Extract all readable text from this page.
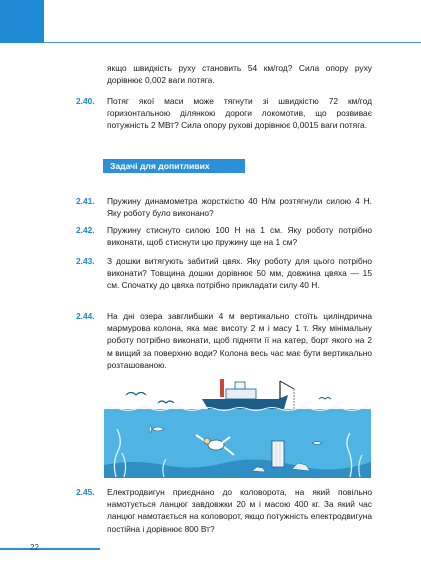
якщо швидкість руху становить 54 км/год? Сила опору руху дорівнює 0,002 ваги потяга.

2.40. Потяг якої маси може тягнути зі швидкістю 72 км/год горизонтальною ділянкою дороги локомотив, що розвиває потужність 2 МВт? Сила опору руховi дорівнює 0,0015 ваги потяга.

Задачі для допитливих
2.41. Пружину динамометра жорсткістю 40 Н/м розтягнули силою 4 Н. Яку роботу було виконано?

2.42. Пружину стиснуто силою 100 Н на 1 см. Яку роботу потрібно виконати, щоб стиснути цю пружину ще на 1 см?

2.43. З дошки витягують забитий цвях. Яку роботу для цього потрібно виконати? Товщина дошки дорівнює 50 мм, довжина цвяха — 15 см. Спочатку до цвяха потрібно прикладати силу 40 Н.

2.44. На дні озера завглибшки 4 м вертикально стоїть циліндрична мармурова колона, яка має висоту 2 м і масу 1 т. Яку мінімальну роботу потрібно виконати, щоб підняти її на катер, борт якого на 2 м вищий за поверхню води? Колона весь час має бути вертикально розташованою.

2.45. Електродвигун приєднано до коловорота, на який повільно намотується ланцюг завдовжки 20 м і масою 400 кг. За який час ланцюг намотається на коловорот, якщо потужність електродвигуна постійна і дорівнює 800 Вт?

22
